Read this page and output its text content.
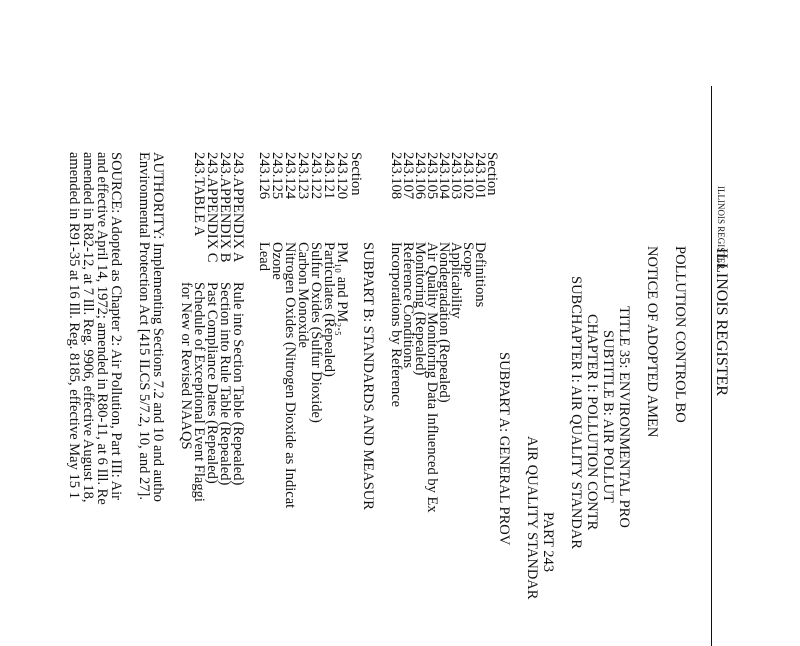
ILLINOIS REGISTER
ILLINOIS REGISTER
POLLUTION CONTROL BO
NOTICE OF ADOPTED AMEN
TITLE 35: ENVIRONMENTAL PRO
SUBTITLE B: AIR POLLUT
CHAPTER I: POLLUTION CONTR
SUBCHAPTER I: AIR QUALITY STANDAR
PART 243
AIR QUALITY STANDAR
SUBPART A: GENERAL PROV
Section
243.101
Definitions
243.102
Scope
243.103
Applicability
243.104
Nondegradation (Repealed)
243.105
Air Quality Monitoring Data Influenced by Ex
243.106
Monitoring (Repealed)
243.107
Reference Conditions
243.108
Incorporations by Reference
SUBPART B: STANDARDS AND MEASUR
Section
243.120
PM₁₀ and PM₂.₅
243.121
Particulates (Repealed)
243.122
Sulfur Oxides (Sulfur Dioxide)
243.123
Carbon Monoxide
243.124
Nitrogen Oxides (Nitrogen Dioxide as Indicat
243.125
Ozone
243.126
Lead
243.APPENDIX A
Rule into Section Table (Repealed)
243.APPENDIX B
Section into Rule Table (Repealed)
243.APPENDIX C
Past Compliance Dates (Repealed)
243.TABLE A
Schedule of Exceptional Event Flaggi
for New or Revised NAAQS
AUTHORITY: Implementing Sections 7.2 and 10 and autho
Environmental Protection Act [415 ILCS 5/7.2, 10, and 27].
SOURCE: Adopted as Chapter 2: Air Pollution, Part III: Air
and effective April 14, 1972; amended in R80-11, at 6 Ill. Re
amended in R82-12, at 7 Ill. Reg. 9906, effective August 18,
amended in R91-35 at 16 Ill. Reg. 8185, effective May 15 1
